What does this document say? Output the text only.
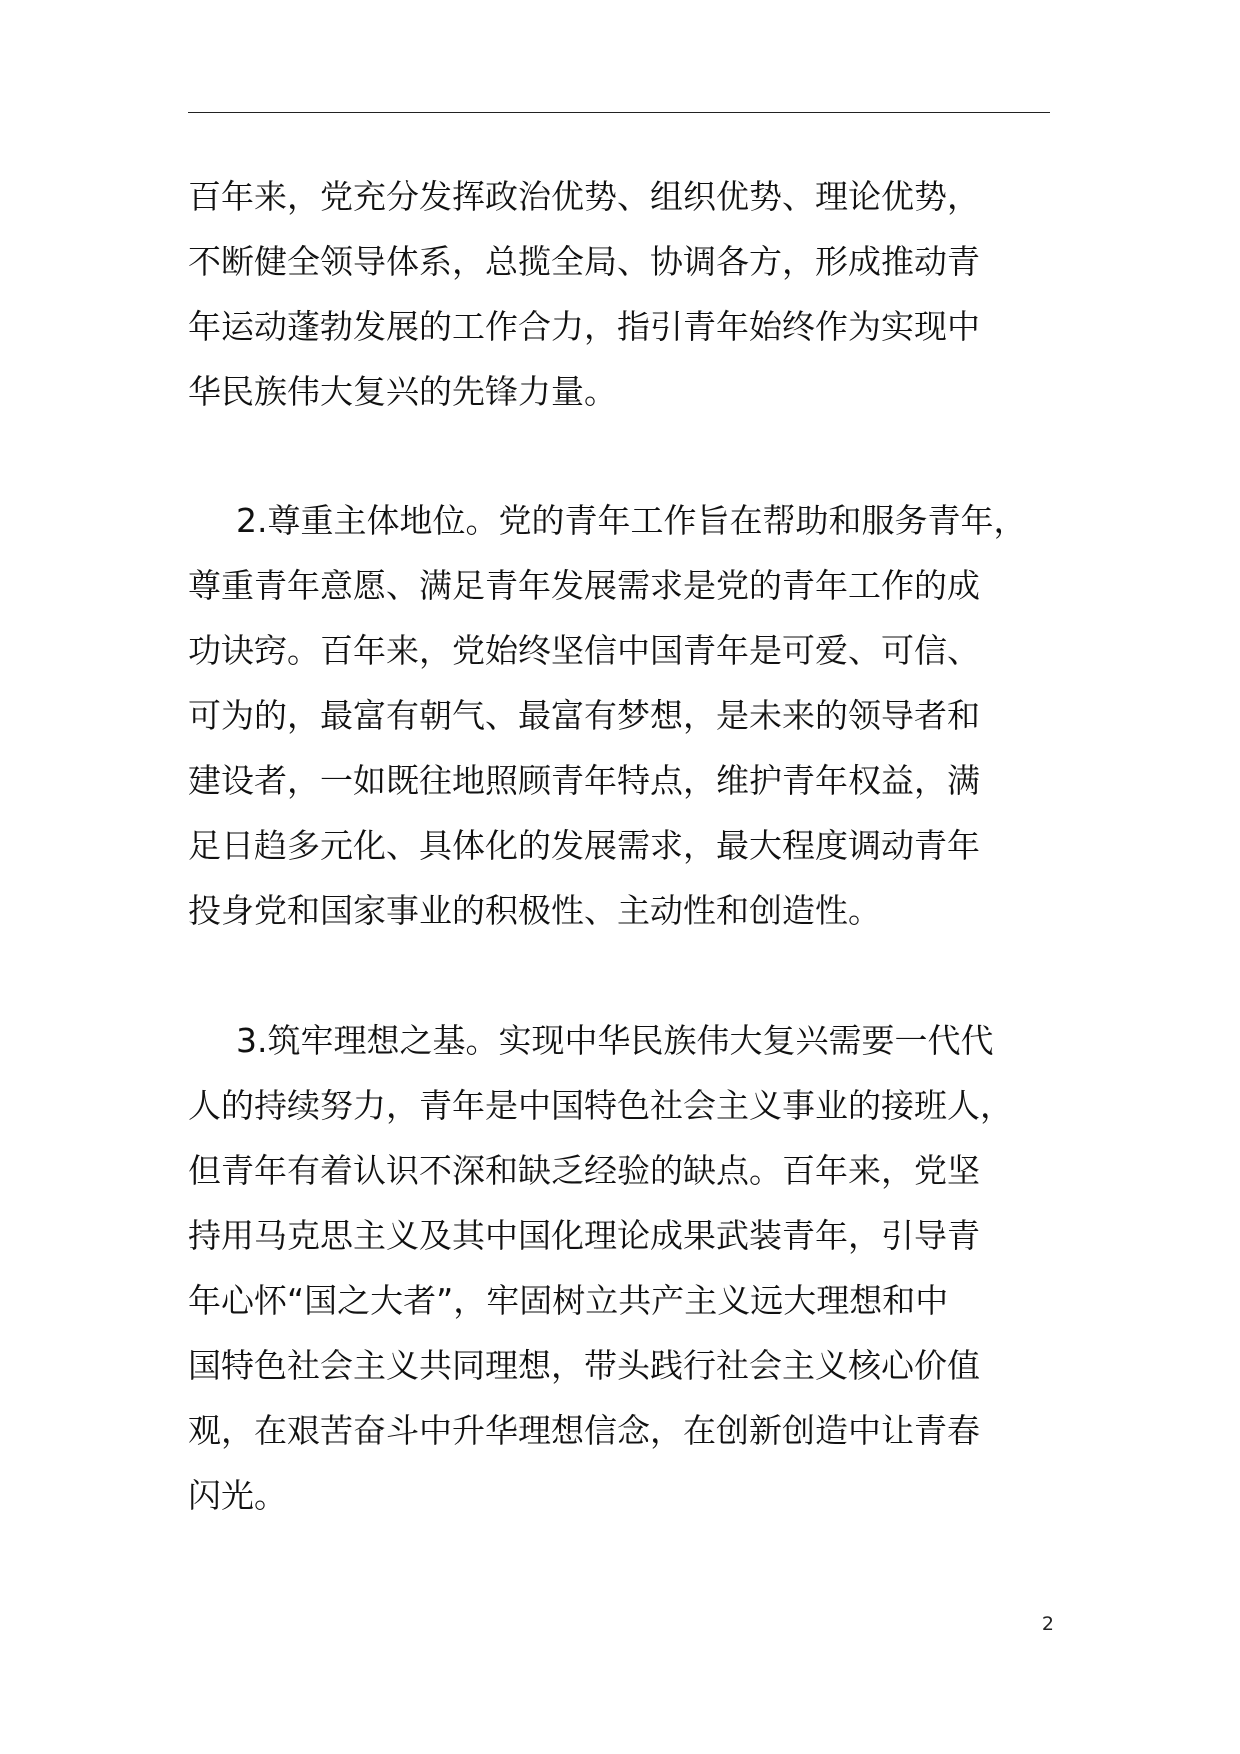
百年来，党充分发挥政治优势、组织优势、理论优势，
不断健全领导体系，总揽全局、协调各方，形成推动青
年运动蓬勃发展的工作合力，指引青年始终作为实现中
华民族伟大复兴的先锋力量。
2.尊重主体地位。党的青年工作旨在帮助和服务青年，
尊重青年意愿、满足青年发展需求是党的青年工作的成
功诀窍。百年来，党始终坚信中国青年是可爱、可信、
可为的，最富有朝气、最富有梦想，是未来的领导者和
建设者，一如既往地照顾青年特点，维护青年权益，满
足日趋多元化、具体化的发展需求，最大程度调动青年
投身党和国家事业的积极性、主动性和创造性。
3.筑牢理想之基。实现中华民族伟大复兴需要一代代
人的持续努力，青年是中国特色社会主义事业的接班人，
但青年有着认识不深和缺乏经验的缺点。百年来，党坚
持用马克思主义及其中国化理论成果武装青年，引导青
年心怀“国之大者”，牢固树立共产主义远大理想和中
国特色社会主义共同理想，带头践行社会主义核心价值
观，在艰苦奋斗中升华理想信念，在创新创造中让青春
闪光。
2
